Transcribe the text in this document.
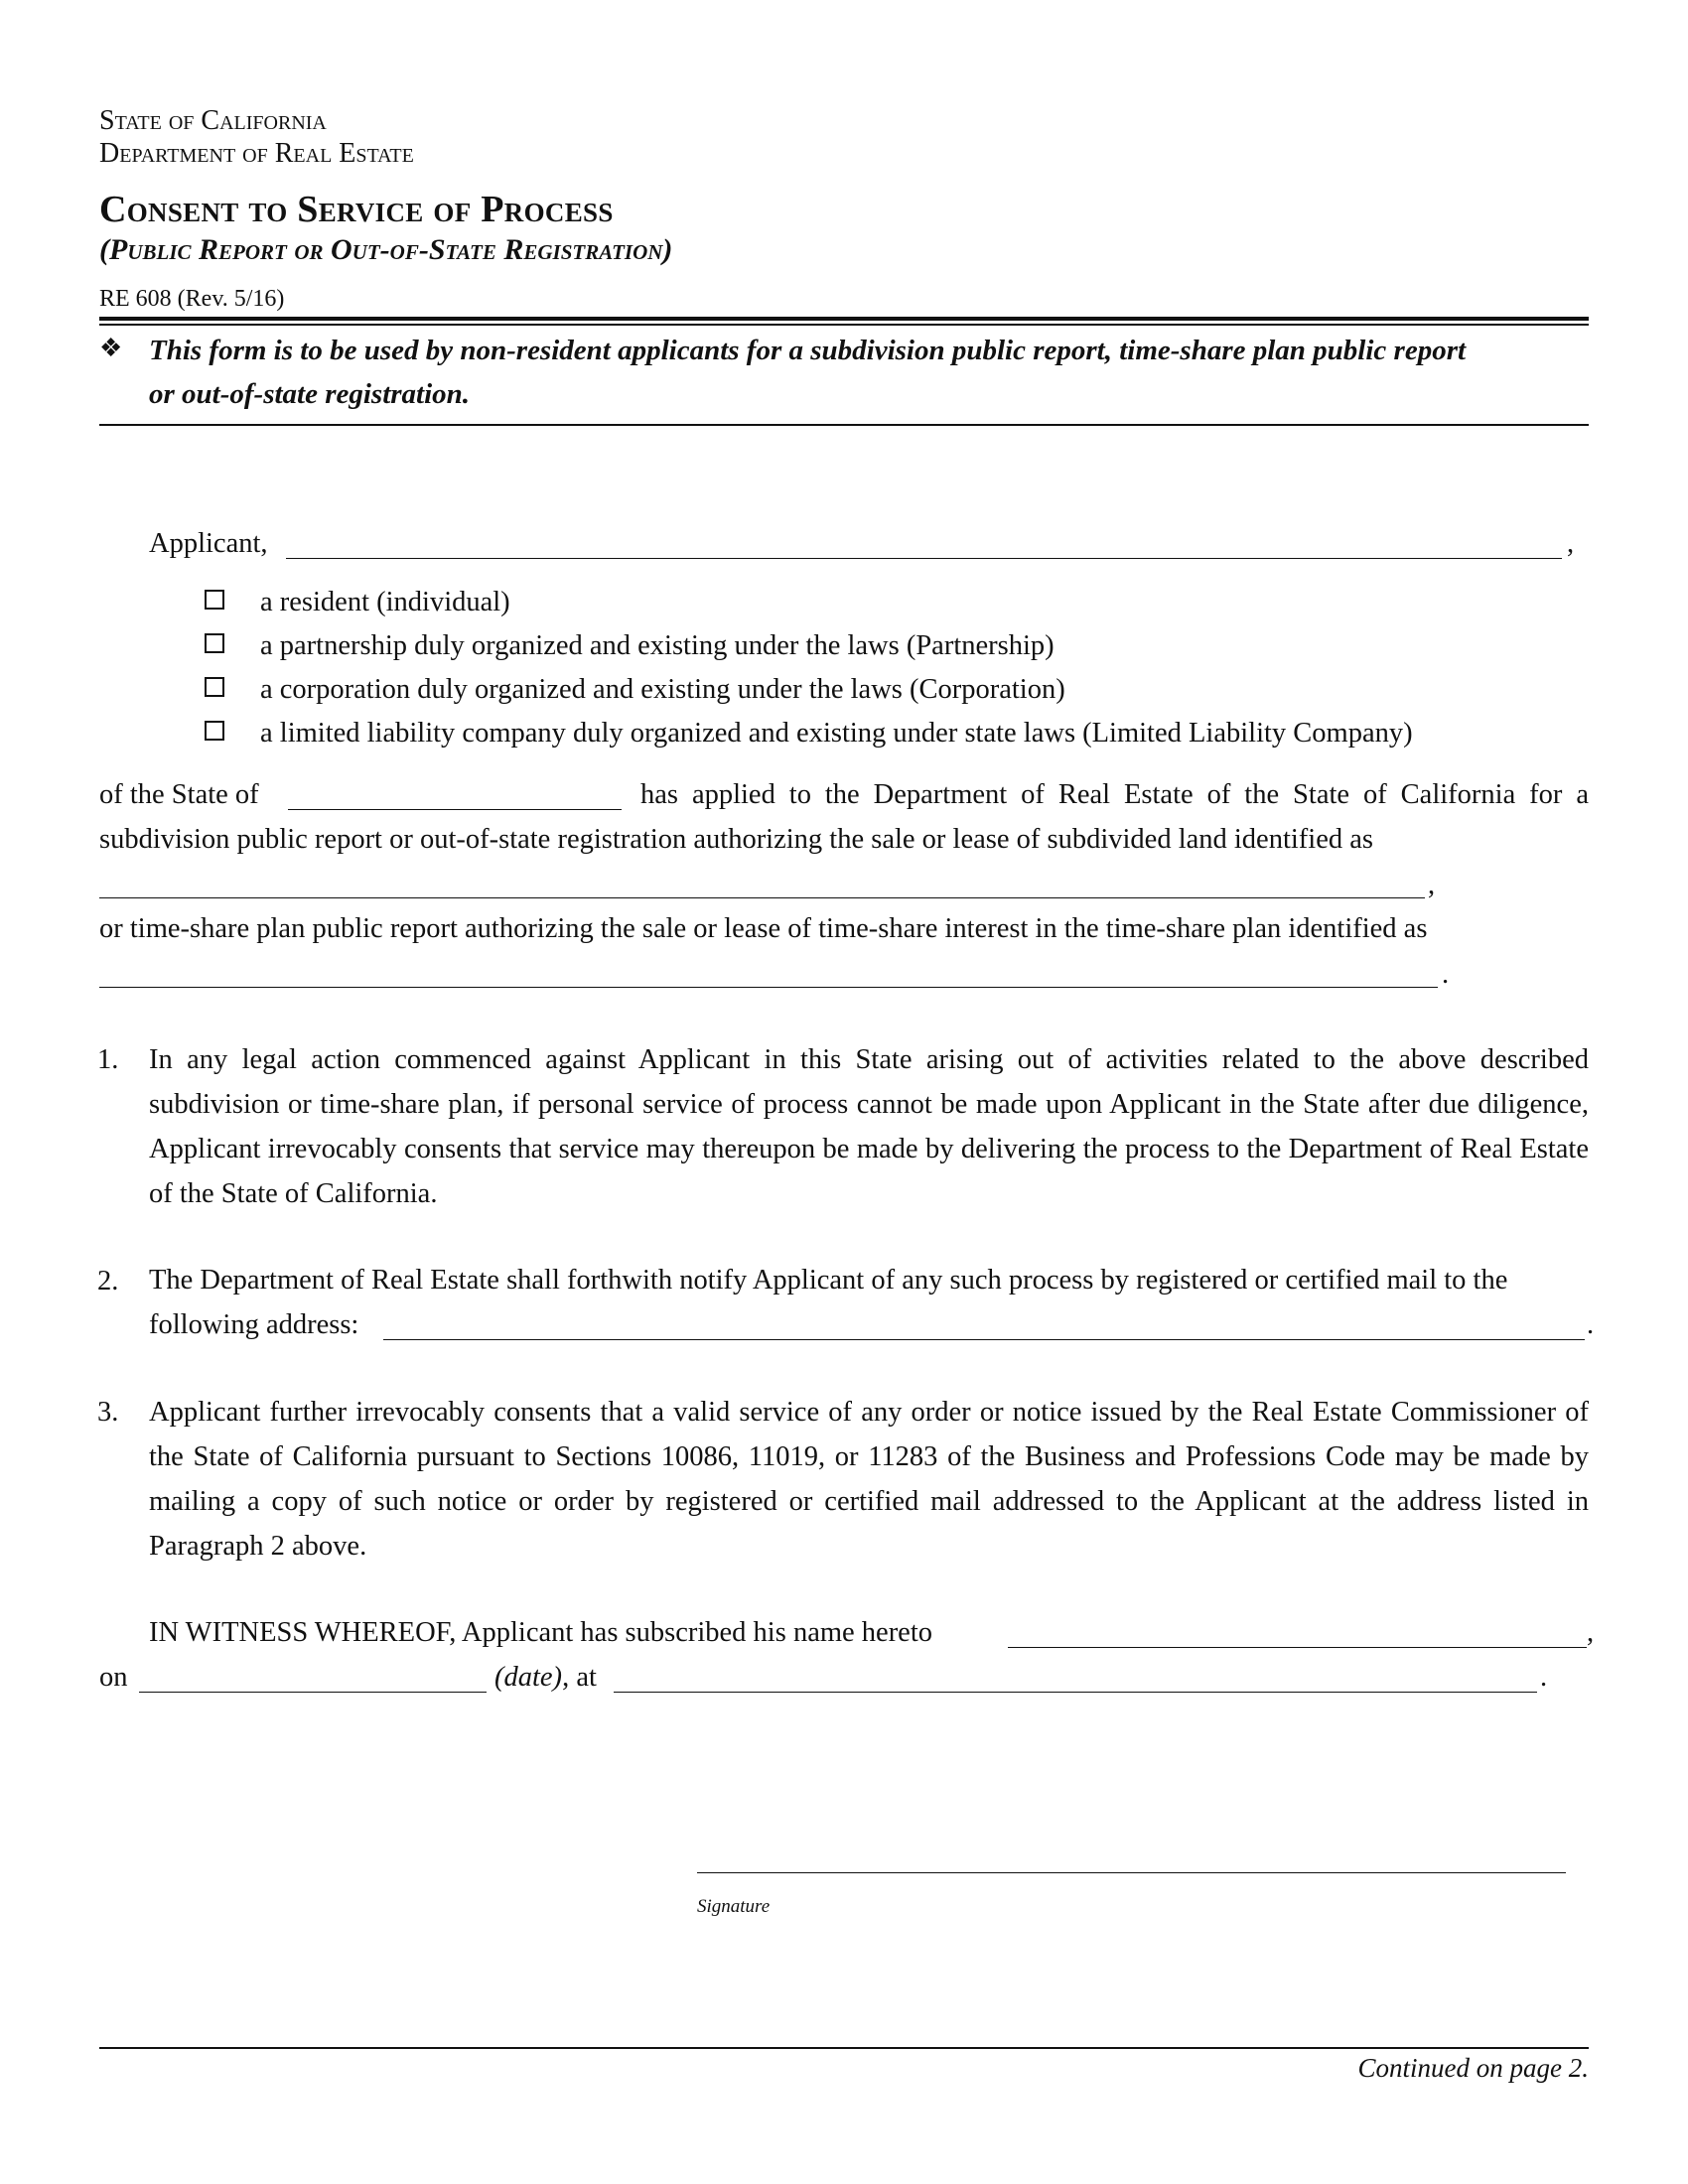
State of California
Department of Real Estate
Consent to Service of Process
(Public Report or Out-of-State Registration)
RE 608 (Rev. 5/16)
❖ This form is to be used by non-resident applicants for a subdivision public report, time-share plan public report
or out-of-state registration.
Applicant,	,
a resident (individual)
a partnership duly organized and existing under the laws (Partnership)
a corporation duly organized and existing under the laws (Corporation)
a limited liability company duly organized and existing under state laws (Limited Liability Company)
of the State of	has applied to the Department of Real Estate of the State of California for a
subdivision public report or out-of-state registration authorizing the sale or lease of subdivided land identified as
,
or time-share plan public report authorizing the sale or lease of time-share interest in the time-share plan identified as
.
1. In any legal action commenced against Applicant in this State arising out of activities related to the above described subdivision or time-share plan, if personal service of process cannot be made upon Applicant in the State after due diligence, Applicant irrevocably consents that service may thereupon be made by delivering the process to the Department of Real Estate of the State of California.
2. The Department of Real Estate shall forthwith notify Applicant of any such process by registered or certified mail to the
following address:	.
3. Applicant further irrevocably consents that a valid service of any order or notice issued by the Real Estate Commissioner of the State of California pursuant to Sections 10086, 11019, or 11283 of the Business and Professions Code may be made by mailing a copy of such notice or order by registered or certified mail addressed to the Applicant at the address listed in Paragraph 2 above.
IN WITNESS WHEREOF, Applicant has subscribed his name hereto	,
on	(date), at	.
Signature
Continued on page 2.
